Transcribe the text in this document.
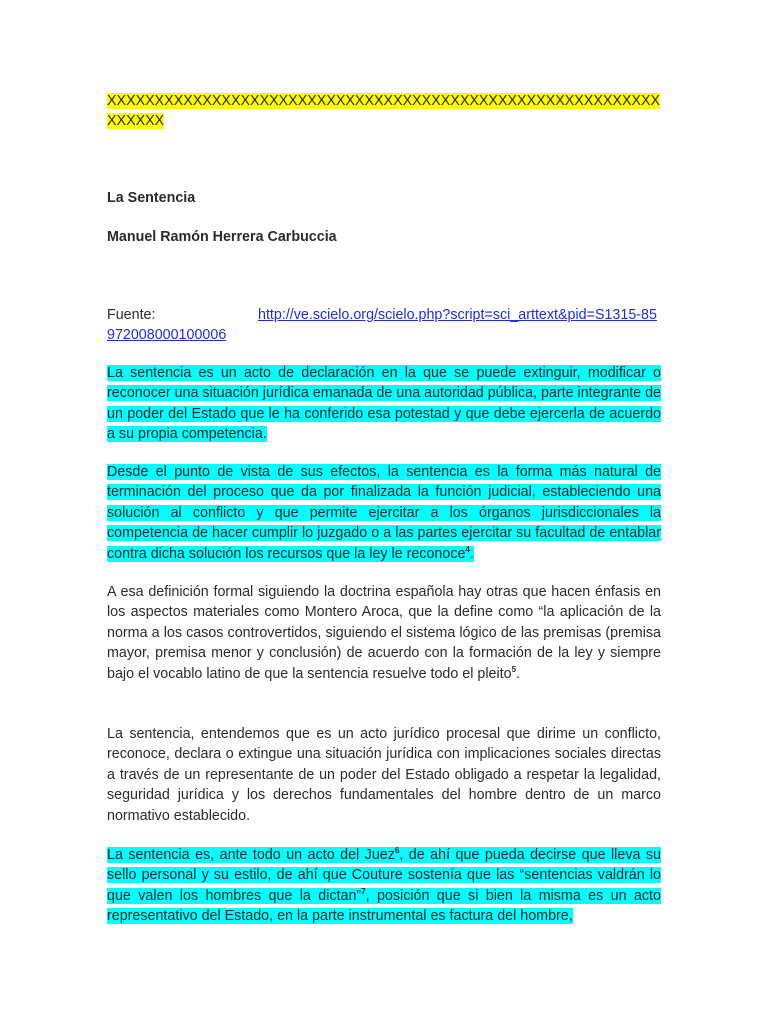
XXXXXXXXXXXXXXXXXXXXXXXXXXXXXXXXXXXXXXXXXXXXXXXXXXXXXXXXXXXXXXXX

La Sentencia

Manuel Ramón Herrera Carbuccia

Fuente:	http://ve.scielo.org/scielo.php?script=sci_arttext&pid=S1315-85972008000100006

La sentencia es un acto de declaración en la que se puede extinguir, modificar o reconocer una situación jurídica emanada de una autoridad pública, parte integrante de un poder del Estado que le ha conferido esa potestad y que debe ejercerla de acuerdo a su propia competencia.

Desde el punto de vista de sus efectos, la sentencia es la forma más natural de terminación del proceso que da por finalizada la función judicial, estableciendo una solución al conflicto y que permite ejercitar a los órganos jurisdiccionales la competencia de hacer cumplir lo juzgado o a las partes ejercitar su facultad de entablar contra dicha solución los recursos que la ley le reconoce$^4$.

A esa definición formal siguiendo la doctrina española hay otras que hacen énfasis en los aspectos materiales como Montero Aroca, que la define como “la aplicación de la norma a los casos controvertidos, siguiendo el sistema lógico de las premisas (premisa mayor, premisa menor y conclusión) de acuerdo con la formación de la ley y siempre bajo el vocablo latino de que la sentencia resuelve todo el pleito$^5$.

La sentencia, entendemos que es un acto jurídico procesal que dirime un conflicto, reconoce, declara o extingue una situación jurídica con implicaciones sociales directas a través de un representante de un poder del Estado obligado a respetar la legalidad, seguridad jurídica y los derechos fundamentales del hombre dentro de un marco normativo establecido.

La sentencia es, ante todo un acto del Juez$^6$, de ahí que pueda decirse que lleva su sello personal y su estilo, de ahí que Couture sostenía que las “sentencias valdrán lo que valen los hombres que la dictan”$^7$, posición que si bien la misma es un acto representativo del Estado, en la parte instrumental es factura del hombre,
